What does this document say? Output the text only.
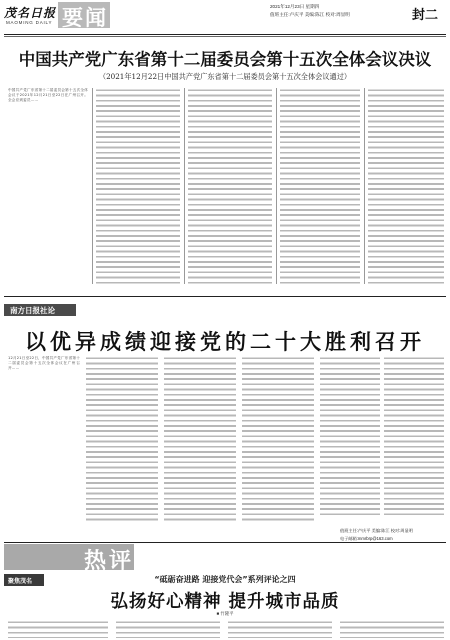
茂名日报
MAOMING DAILY 要闻	2021年12月23日 星期四
值班主任:卢庆平 美编:陈江 校对:周显明	封二
中国共产党广东省第十二届委员会第十五次全体会议决议
（2021年12月22日中国共产党广东省第十二届委员会第十五次全体会议通过）

中国共产党广东省第十二届委员会第十五次全体会议于2021年12月21日至22日在广州召开。全会应到委员……

南方日报社论
以优异成绩迎接党的二十大胜利召开

12月21日至22日，中国共产党广东省第十二届委员会第十五次全体会议在广州召开……

值班主任:卢庆平 美编:陈江 校对:周显明
电子邮箱:mmrbrp@163.com
热评
聚焦茂名	“砥砺奋进路 迎接党代会”系列评论之四
弘扬好心精神 提升城市品质
■ 竹隆平
